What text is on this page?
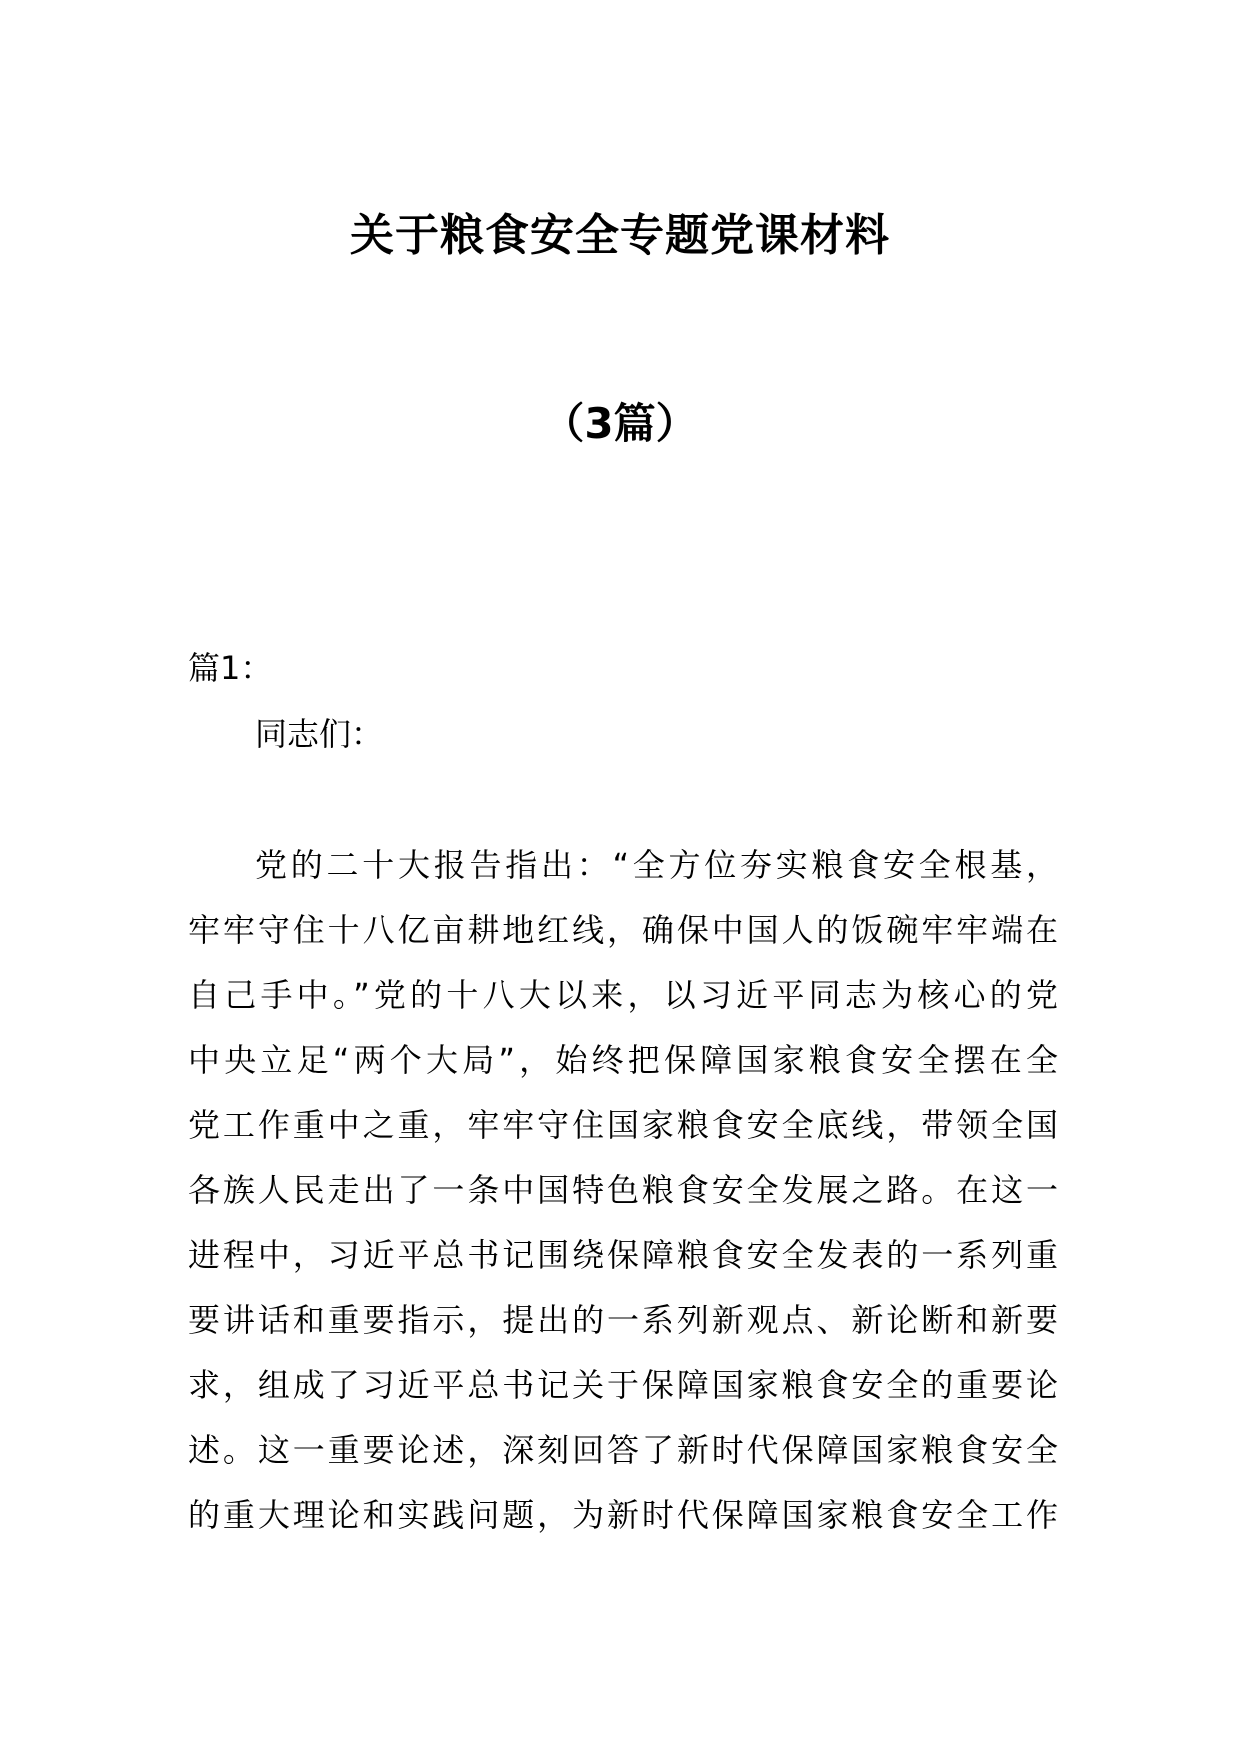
关于粮食安全专题党课材料
（3篇）
篇1：
同志们：
党的二十大报告指出：“全方位夯实粮食安全根基，
牢牢守住十八亿亩耕地红线，确保中国人的饭碗牢牢端在
自己手中。”党的十八大以来，以习近平同志为核心的党
中央立足“两个大局”，始终把保障国家粮食安全摆在全
党工作重中之重，牢牢守住国家粮食安全底线，带领全国
各族人民走出了一条中国特色粮食安全发展之路。在这一
进程中，习近平总书记围绕保障粮食安全发表的一系列重
要讲话和重要指示，提出的一系列新观点、新论断和新要
求，组成了习近平总书记关于保障国家粮食安全的重要论
述。这一重要论述，深刻回答了新时代保障国家粮食安全
的重大理论和实践问题，为新时代保障国家粮食安全工作
